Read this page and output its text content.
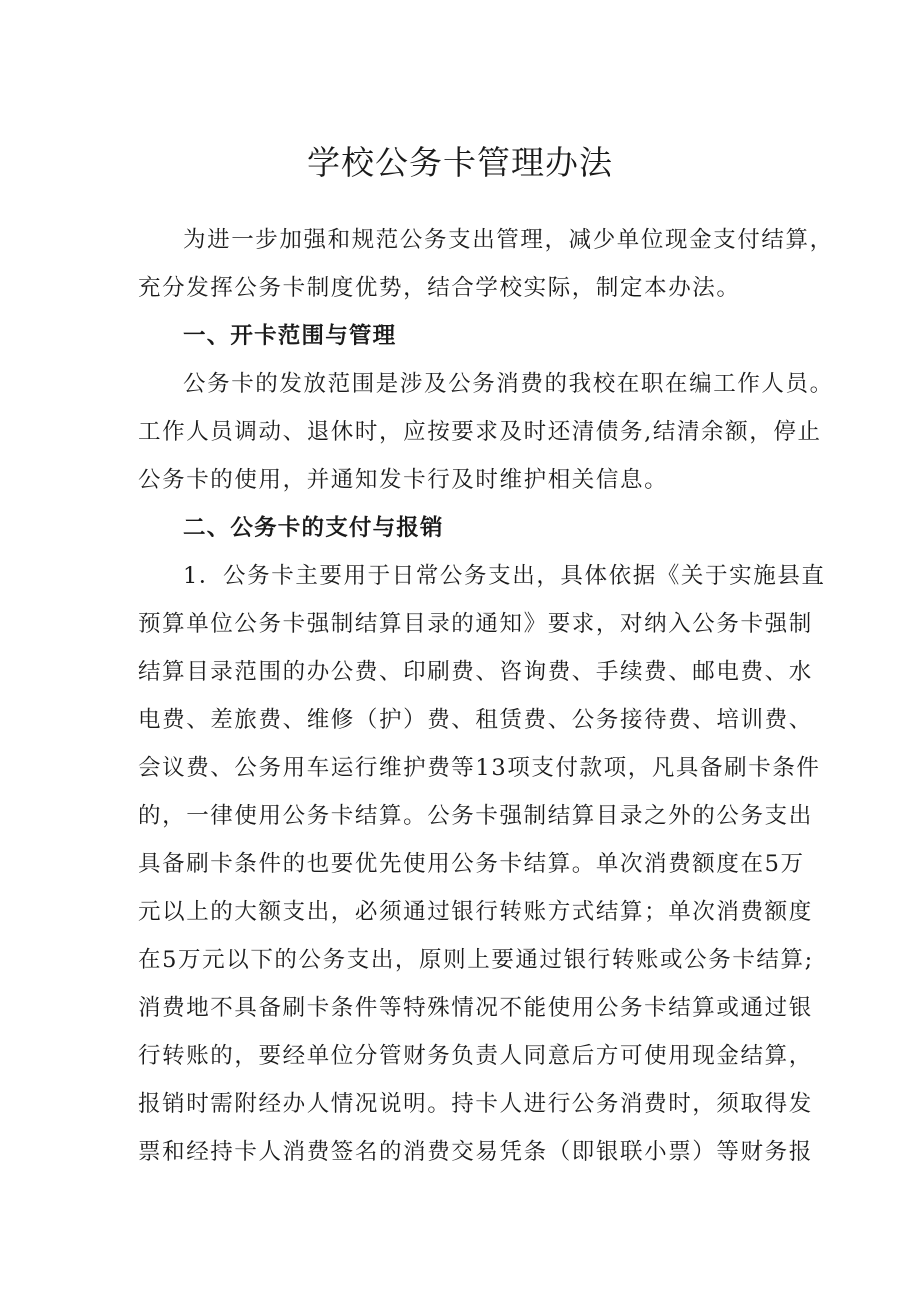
学校公务卡管理办法

为进一步加强和规范公务支出管理，减少单位现金支付结算，
充分发挥公务卡制度优势，结合学校实际，制定本办法。

一、开卡范围与管理

公务卡的发放范围是涉及公务消费的我校在职在编工作人员。
工作人员调动、退休时，应按要求及时还清债务,结清余额，停止
公务卡的使用，并通知发卡行及时维护相关信息。

二、公务卡的支付与报销

1．公务卡主要用于日常公务支出，具体依据《关于实施县直
预算单位公务卡强制结算目录的通知》要求，对纳入公务卡强制
结算目录范围的办公费、印刷费、咨询费、手续费、邮电费、水
电费、差旅费、维修（护）费、租赁费、公务接待费、培训费、
会议费、公务用车运行维护费等13项支付款项，凡具备刷卡条件
的，一律使用公务卡结算。公务卡强制结算目录之外的公务支出
具备刷卡条件的也要优先使用公务卡结算。单次消费额度在5万
元以上的大额支出，必须通过银行转账方式结算；单次消费额度
在5万元以下的公务支出，原则上要通过银行转账或公务卡结算;
消费地不具备刷卡条件等特殊情况不能使用公务卡结算或通过银
行转账的，要经单位分管财务负责人同意后方可使用现金结算，
报销时需附经办人情况说明。持卡人进行公务消费时，须取得发
票和经持卡人消费签名的消费交易凭条（即银联小票）等财务报
